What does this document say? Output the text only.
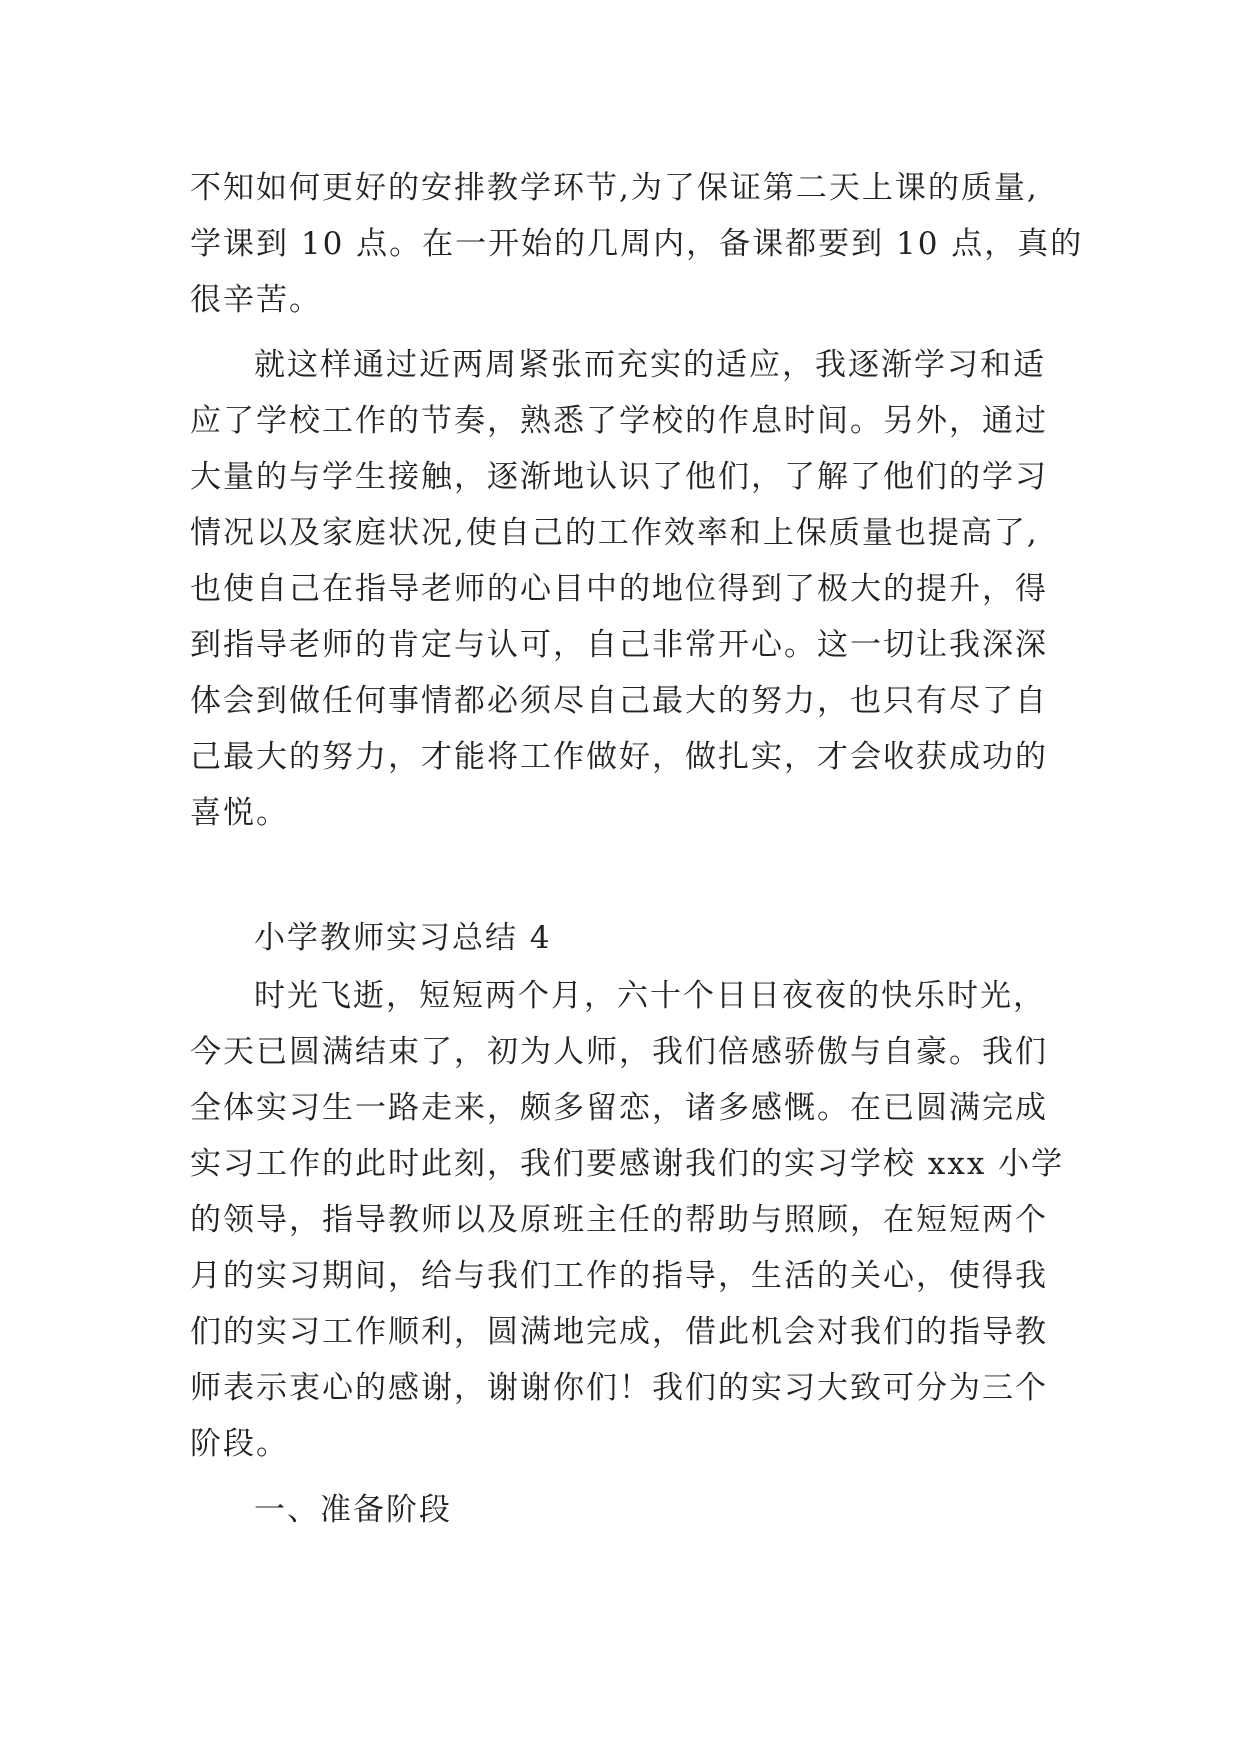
不知如何更好的安排教学环节,为了保证第二天上课的质量,
学课到 10 点。在一开始的几周内，备课都要到 10 点，真的
很辛苦。
就这样通过近两周紧张而充实的适应，我逐渐学习和适
应了学校工作的节奏，熟悉了学校的作息时间。另外，通过
大量的与学生接触，逐渐地认识了他们，了解了他们的学习
情况以及家庭状况,使自己的工作效率和上保质量也提高了,
也使自己在指导老师的心目中的地位得到了极大的提升，得
到指导老师的肯定与认可，自己非常开心。这一切让我深深
体会到做任何事情都必须尽自己最大的努力，也只有尽了自
己最大的努力，才能将工作做好，做扎实，才会收获成功的
喜悦。
小学教师实习总结 4
时光飞逝，短短两个月，六十个日日夜夜的快乐时光，
今天已圆满结束了，初为人师，我们倍感骄傲与自豪。我们
全体实习生一路走来，颇多留恋，诸多感慨。在已圆满完成
实习工作的此时此刻，我们要感谢我们的实习学校 xxx 小学
的领导，指导教师以及原班主任的帮助与照顾，在短短两个
月的实习期间，给与我们工作的指导，生活的关心，使得我
们的实习工作顺利，圆满地完成，借此机会对我们的指导教
师表示衷心的感谢，谢谢你们！我们的实习大致可分为三个
阶段。
一、准备阶段
